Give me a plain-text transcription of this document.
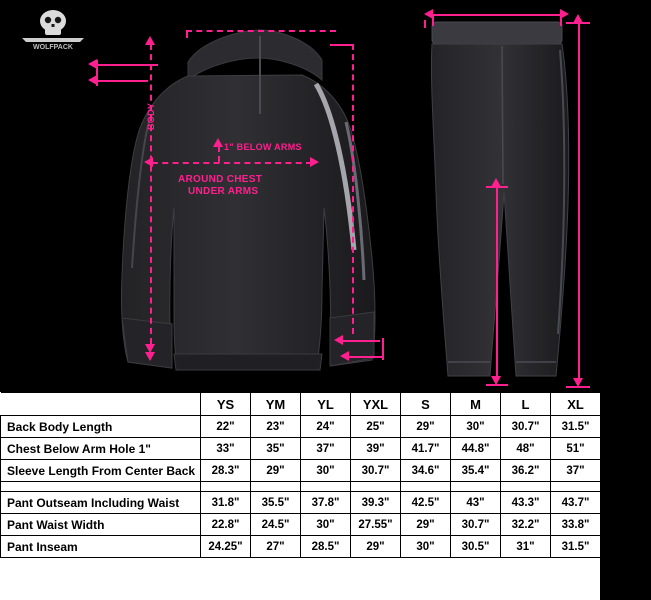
WOLFPACK
BODY
1" BELOW ARMS
AROUND CHEST
UNDER ARMS
	YS	YM	YL	YXL	S	M	L	XL	2XL
Back Body Length	22"	23"	24"	25"	29"	30"	30.7"	31.5"	32.2"
Chest Below Arm Hole 1"	33"	35"	37"	39"	41.7"	44.8"	48"	51"	54.3"
Sleeve Length From Center Back	28.3"	29"	30"	30.7"	34.6"	35.4"	36.2"	37"	37.8"

Pant Outseam Including Waist	31.8"	35.5"	37.8"	39.3"	42.5"	43"	43.3"	43.7"	44"
Pant Waist Width	22.8"	24.5"	30"	27.55"	29"	30.7"	32.2"	33.8"	35.5"
Pant Inseam	24.25"	27"	28.5"	29"	30"	30.5"	31"	31.5"	32"
